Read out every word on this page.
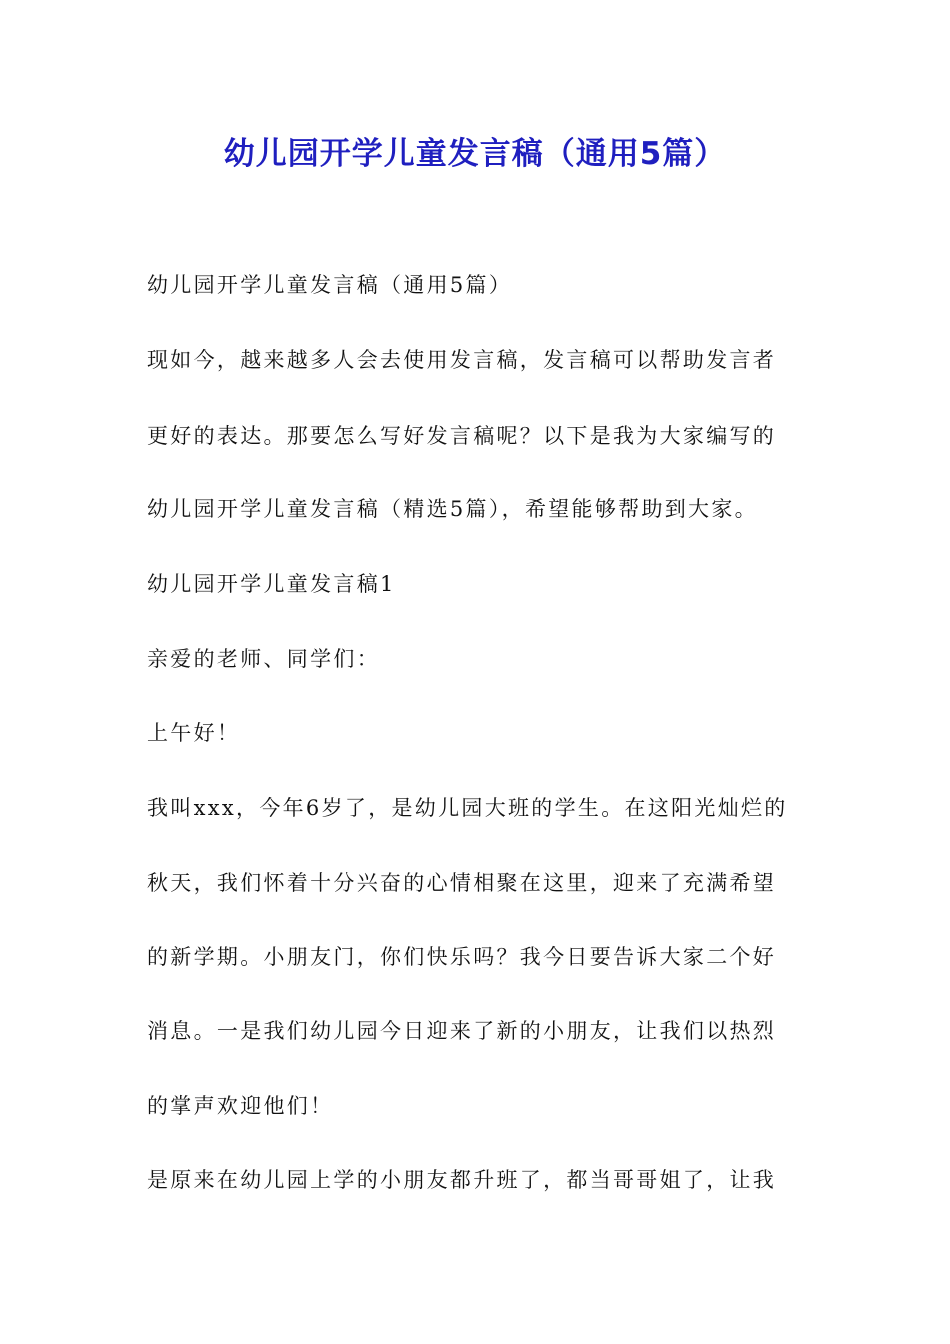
幼儿园开学儿童发言稿（通用5篇）
幼儿园开学儿童发言稿（通用5篇）
现如今，越来越多人会去使用发言稿，发言稿可以帮助发言者
更好的表达。那要怎么写好发言稿呢？以下是我为大家编写的
幼儿园开学儿童发言稿（精选5篇），希望能够帮助到大家。
幼儿园开学儿童发言稿1
亲爱的老师、同学们：
上午好！
我叫xxx，今年6岁了，是幼儿园大班的学生。在这阳光灿烂的
秋天，我们怀着十分兴奋的心情相聚在这里，迎来了充满希望
的新学期。小朋友门，你们快乐吗？我今日要告诉大家二个好
消息。一是我们幼儿园今日迎来了新的小朋友，让我们以热烈
的掌声欢迎他们！
是原来在幼儿园上学的小朋友都升班了，都当哥哥姐了，让我
